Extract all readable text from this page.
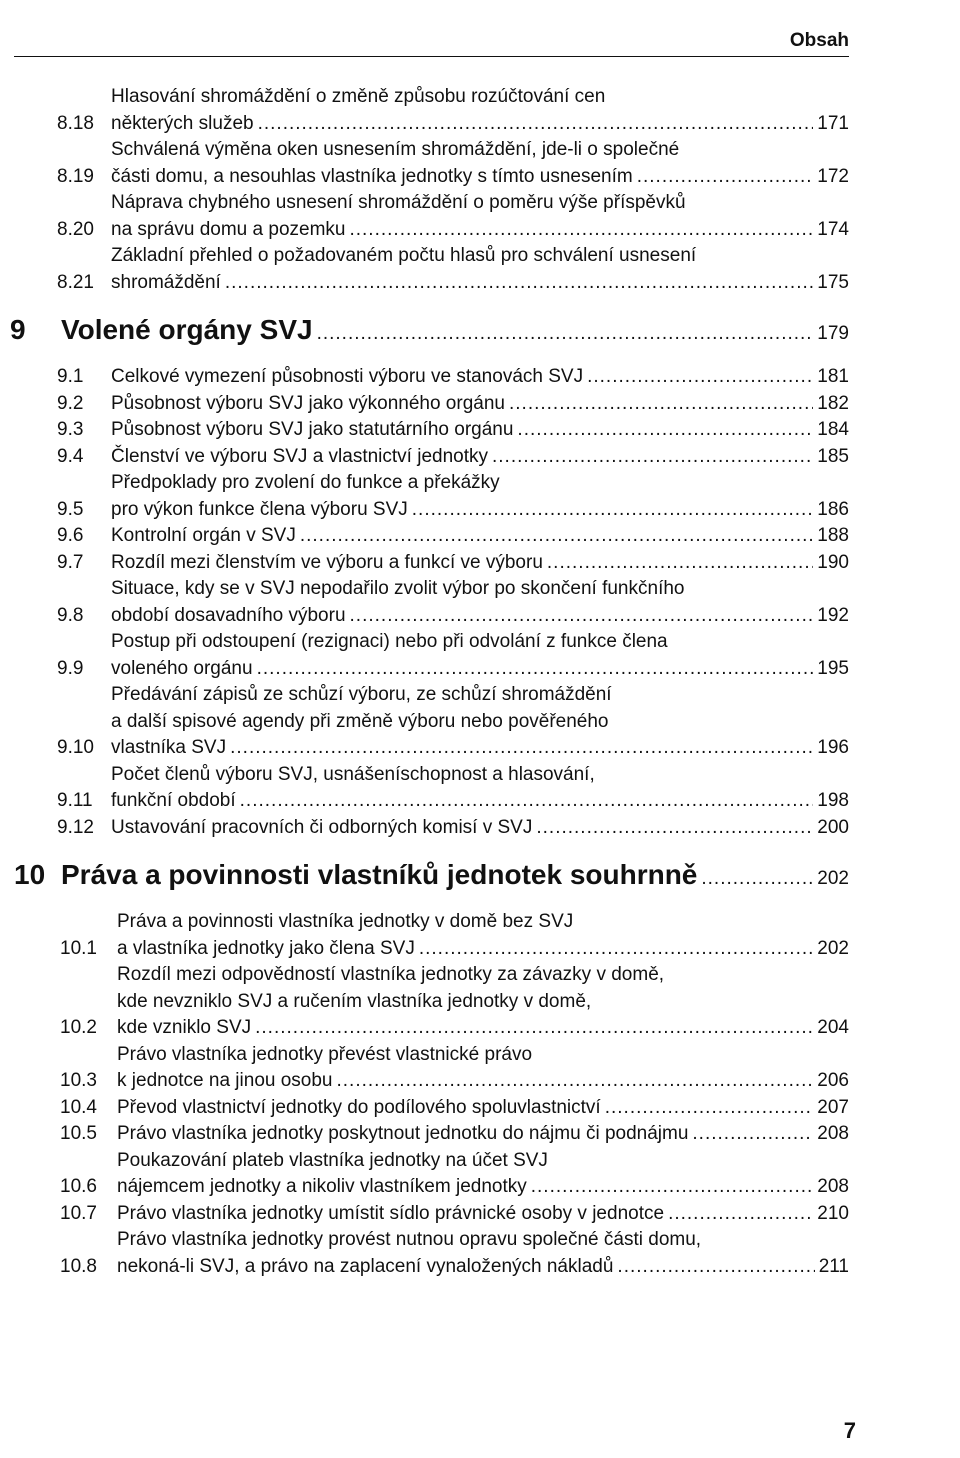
Obsah
8.18
Hlasování shromáždění o změně způsobu rozúčtování cen
některých služeb .....	171
8.19
Schválená výměna oken usnesením shromáždění, jde-li o společné
části domu, a nesouhlas vlastníka jednotky s tímto usnesením .....	172
8.20
Náprava chybného usnesení shromáždění o poměru výše příspěvků
na správu domu a pozemku .....	174
8.21
Základní přehled o požadovaném počtu hlasů pro schválení usnesení
shromáždění .....	175
9 Volené orgány SVJ .....	179
9.1 Celkové vymezení působnosti výboru ve stanovách SVJ .....	181
9.2 Působnost výboru SVJ jako výkonného orgánu .....	182
9.3 Působnost výboru SVJ jako statutárního orgánu .....	184
9.4 Členství ve výboru SVJ a vlastnictví jednotky .....	185
9.5
Předpoklady pro zvolení do funkce a překážky
pro výkon funkce člena výboru SVJ .....	186
9.6 Kontrolní orgán v SVJ .....	188
9.7 Rozdíl mezi členstvím ve výboru a funkcí ve výboru .....	190
9.8
Situace, kdy se v SVJ nepodařilo zvolit výbor po skončení funkčního
období dosavadního výboru .....	192
9.9
Postup při odstoupení (rezignaci) nebo při odvolání z funkce člena
voleného orgánu .....	195
9.10
Předávání zápisů ze schůzí výboru, ze schůzí shromáždění
a další spisové agendy při změně výboru nebo pověřeného
vlastníka SVJ .....	196
9.11
Počet členů výboru SVJ, usnášeníschopnost a hlasování,
funkční období .....	198
9.12 Ustavování pracovních či odborných komisí v SVJ .....	200
10 Práva a povinnosti vlastníků jednotek souhrnně .....	202
10.1
Práva a povinnosti vlastníka jednotky v domě bez SVJ
a vlastníka jednotky jako člena SVJ .....	202
10.2
Rozdíl mezi odpovědností vlastníka jednotky za závazky v domě,
kde nevzniklo SVJ a ručením vlastníka jednotky v domě,
kde vzniklo SVJ .....	204
10.3
Právo vlastníka jednotky převést vlastnické právo
k jednotce na jinou osobu .....	206
10.4 Převod vlastnictví jednotky do podílového spoluvlastnictví .....	207
10.5 Právo vlastníka jednotky poskytnout jednotku do nájmu či podnájmu .....	208
10.6
Poukazování plateb vlastníka jednotky na účet SVJ
nájemcem jednotky a nikoliv vlastníkem jednotky .....	208
10.7 Právo vlastníka jednotky umístit sídlo právnické osoby v jednotce .....	210
10.8
Právo vlastníka jednotky provést nutnou opravu společné části domu,
nekoná-li SVJ, a právo na zaplacení vynaložených nákladů .....	211
7
